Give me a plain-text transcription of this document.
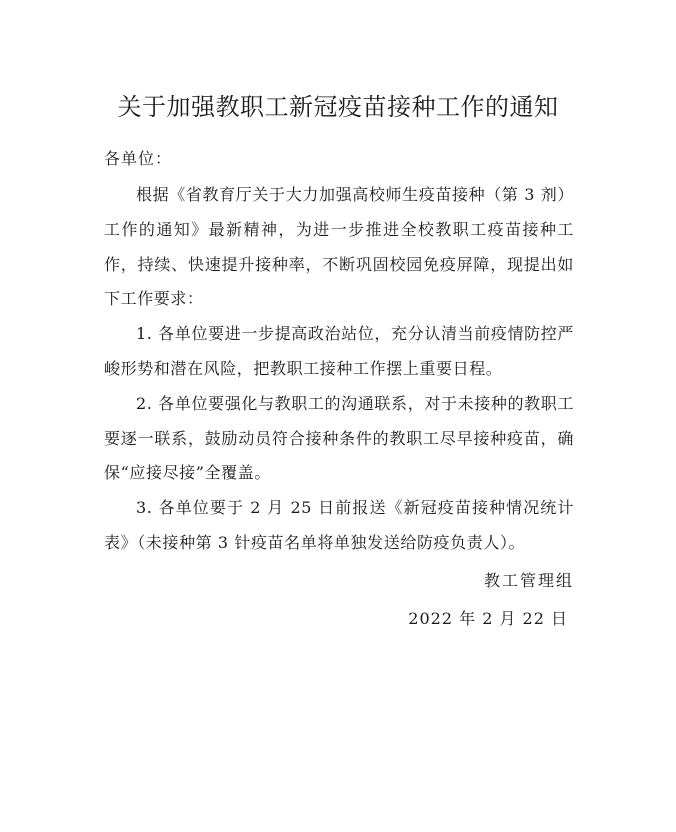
关于加强教职工新冠疫苗接种工作的通知
各单位：

根据《省教育厅关于大力加强高校师生疫苗接种（第 3 剂）工作的通知》最新精神，为进一步推进全校教职工疫苗接种工作，持续、快速提升接种率，不断巩固校园免疫屏障，现提出如下工作要求：

1. 各单位要进一步提高政治站位，充分认清当前疫情防控严峻形势和潜在风险，把教职工接种工作摆上重要日程。

2. 各单位要强化与教职工的沟通联系，对于未接种的教职工要逐一联系，鼓励动员符合接种条件的教职工尽早接种疫苗，确保“应接尽接”全覆盖。

3. 各单位要于 2 月 25 日前报送《新冠疫苗接种情况统计表》（未接种第 3 针疫苗名单将单独发送给防疫负责人）。

教工管理组
2022 年 2 月 22 日
